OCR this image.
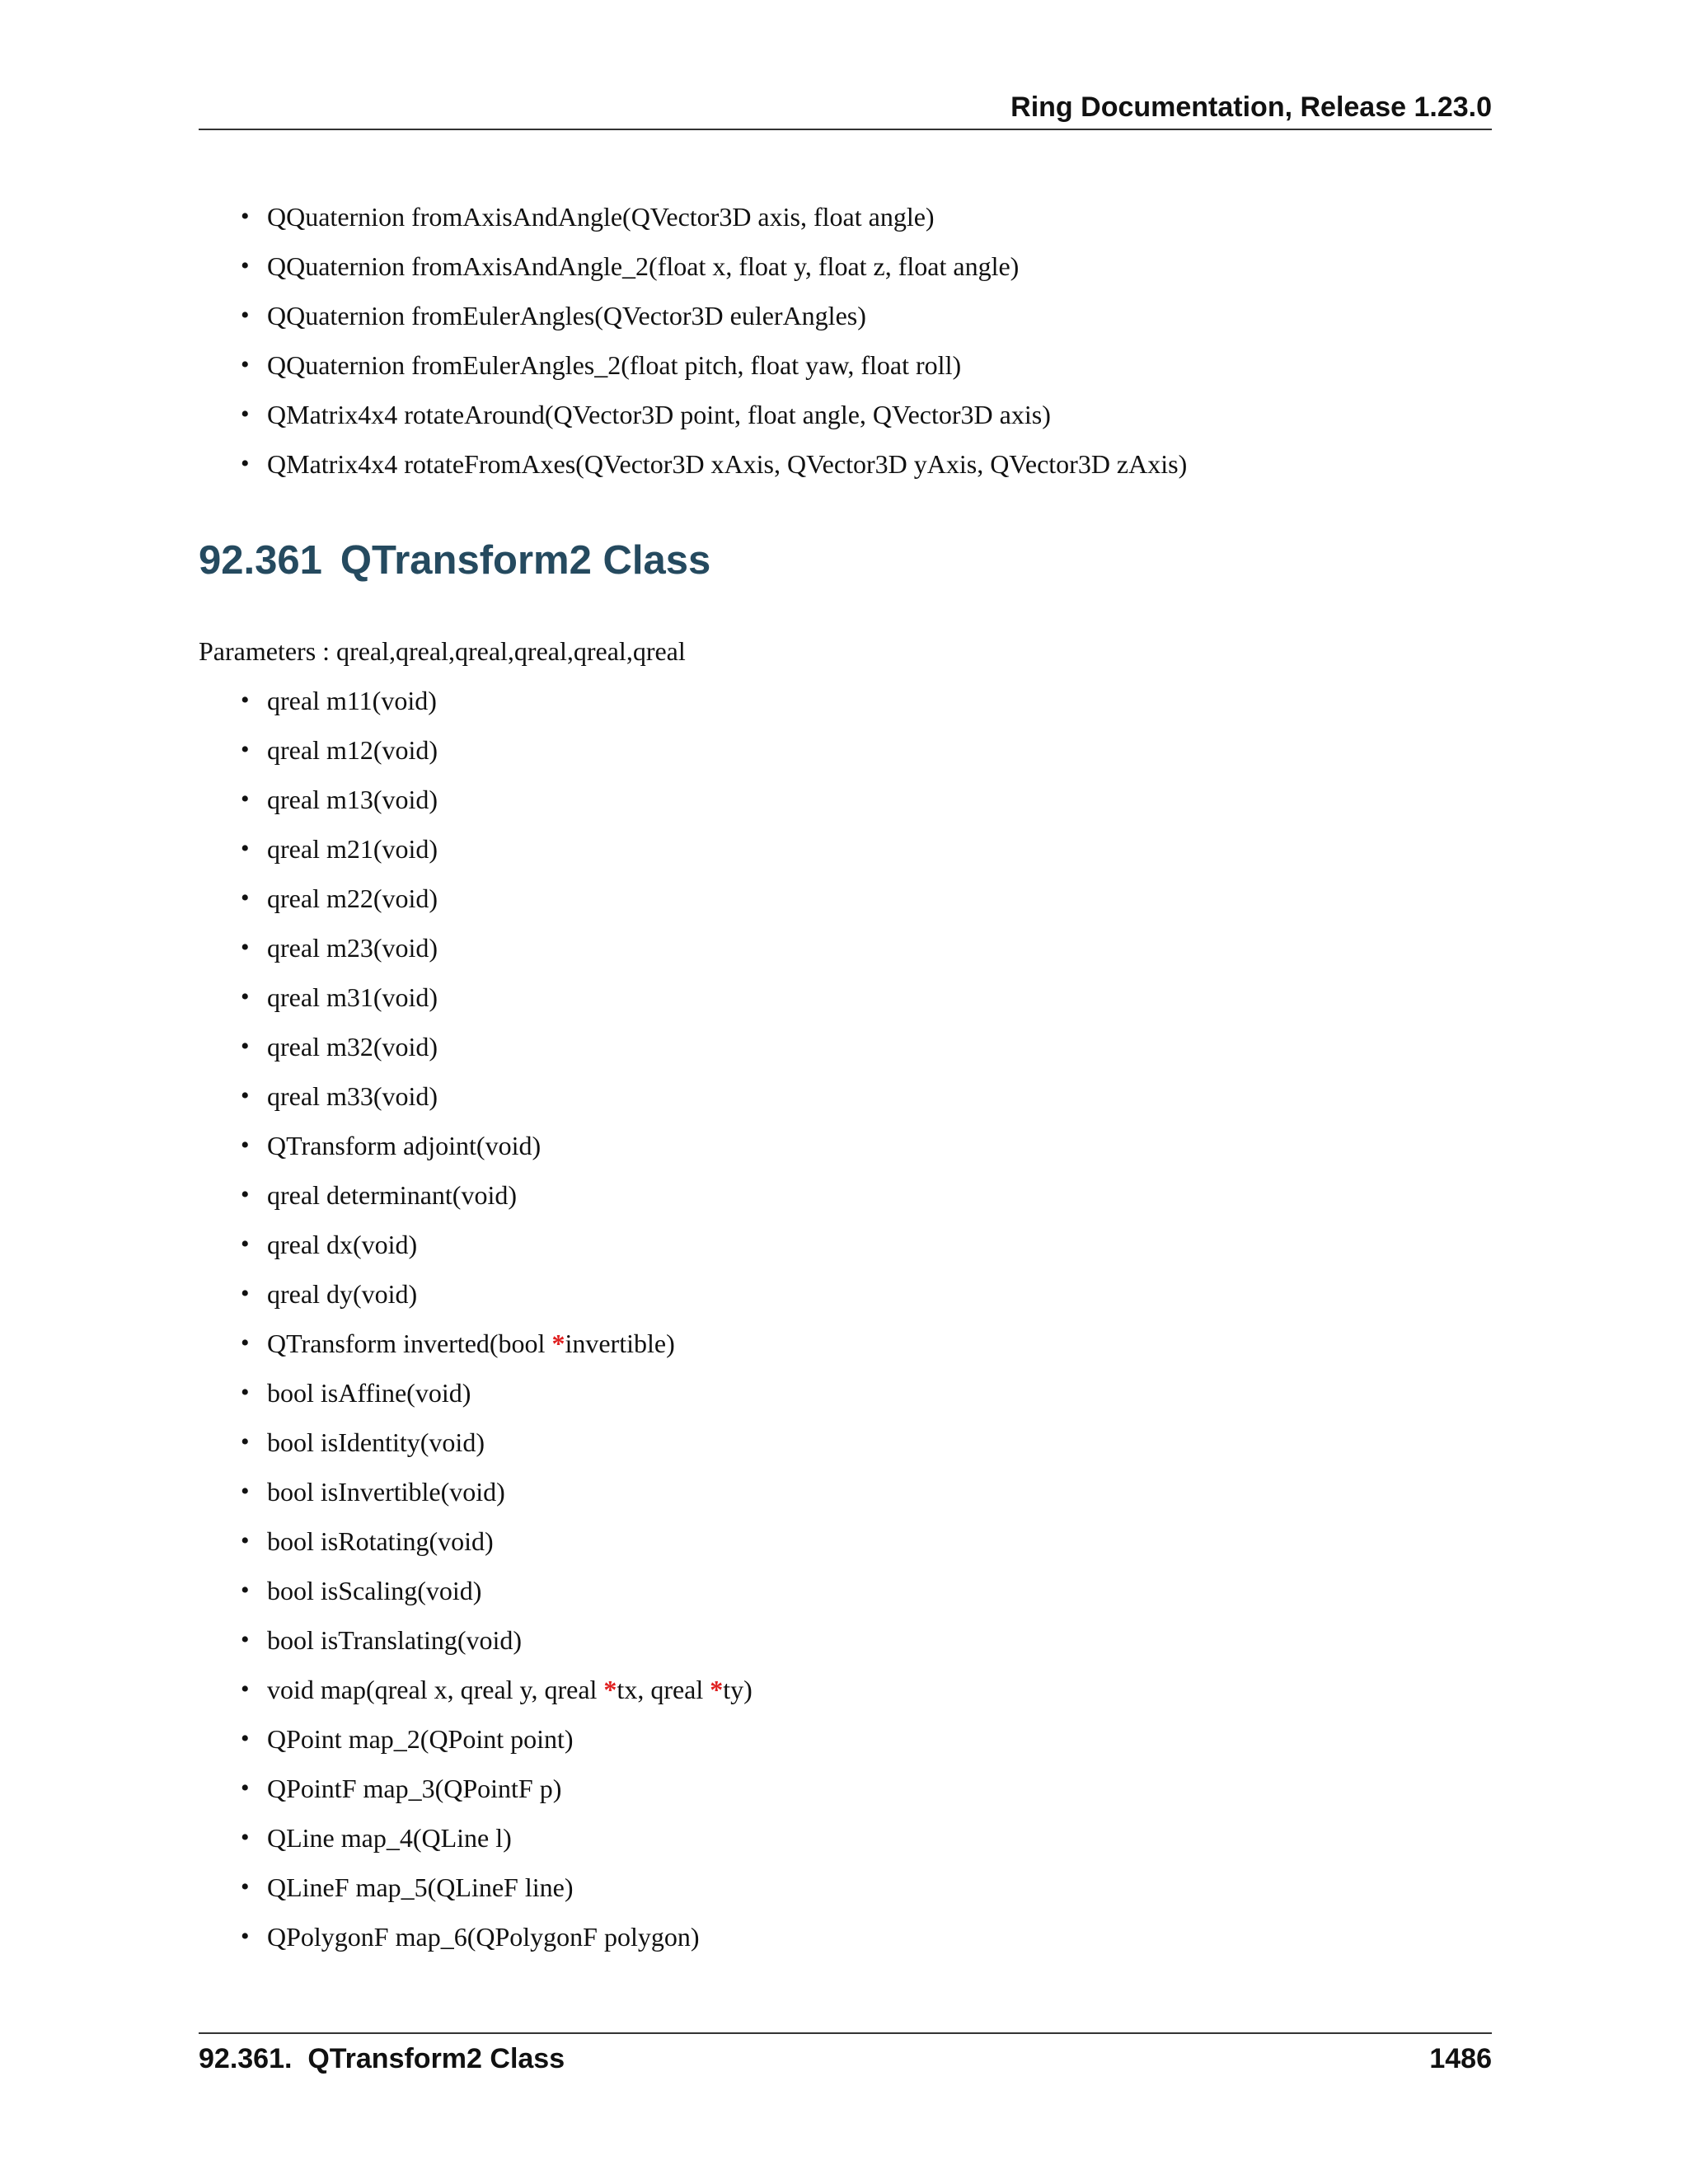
Ring Documentation, Release 1.23.0
• QQuaternion fromAxisAndAngle(QVector3D axis, float angle)
• QQuaternion fromAxisAndAngle_2(float x, float y, float z, float angle)
• QQuaternion fromEulerAngles(QVector3D eulerAngles)
• QQuaternion fromEulerAngles_2(float pitch, float yaw, float roll)
• QMatrix4x4 rotateAround(QVector3D point, float angle, QVector3D axis)
• QMatrix4x4 rotateFromAxes(QVector3D xAxis, QVector3D yAxis, QVector3D zAxis)
92.361 QTransform2 Class
Parameters : qreal,qreal,qreal,qreal,qreal,qreal
• qreal m11(void)
• qreal m12(void)
• qreal m13(void)
• qreal m21(void)
• qreal m22(void)
• qreal m23(void)
• qreal m31(void)
• qreal m32(void)
• qreal m33(void)
• QTransform adjoint(void)
• qreal determinant(void)
• qreal dx(void)
• qreal dy(void)
• QTransform inverted(bool *invertible)
• bool isAffine(void)
• bool isIdentity(void)
• bool isInvertible(void)
• bool isRotating(void)
• bool isScaling(void)
• bool isTranslating(void)
• void map(qreal x, qreal y, qreal *tx, qreal *ty)
• QPoint map_2(QPoint point)
• QPointF map_3(QPointF p)
• QLine map_4(QLine l)
• QLineF map_5(QLineF line)
• QPolygonF map_6(QPolygonF polygon)
92.361.  QTransform2 Class	1486
